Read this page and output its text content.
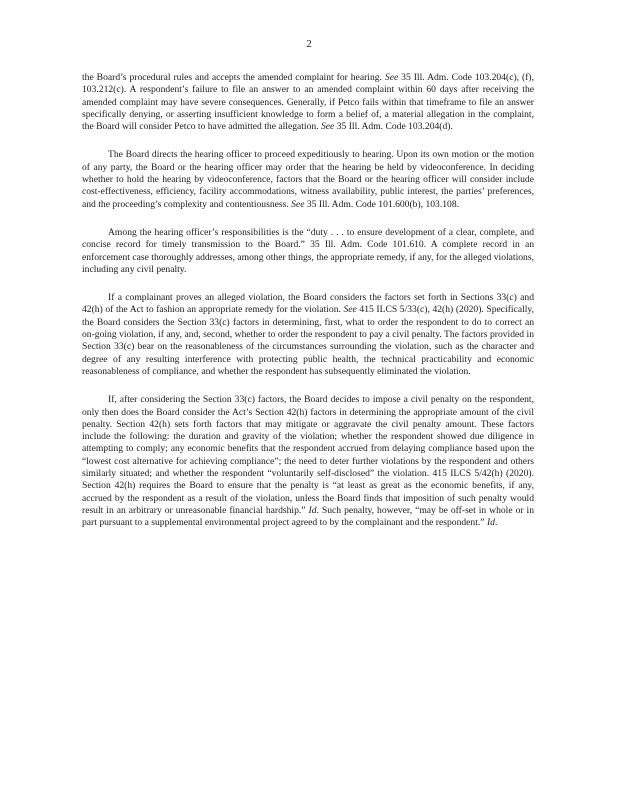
2

the Board’s procedural rules and accepts the amended complaint for hearing. See 35 Ill. Adm. Code 103.204(c), (f), 103.212(c). A respondent’s failure to file an answer to an amended complaint within 60 days after receiving the amended complaint may have severe consequences. Generally, if Petco fails within that timeframe to file an answer specifically denying, or asserting insufficient knowledge to form a belief of, a material allegation in the complaint, the Board will consider Petco to have admitted the allegation. See 35 Ill. Adm. Code 103.204(d).

The Board directs the hearing officer to proceed expeditiously to hearing. Upon its own motion or the motion of any party, the Board or the hearing officer may order that the hearing be held by videoconference. In deciding whether to hold the hearing by videoconference, factors that the Board or the hearing officer will consider include cost-effectiveness, efficiency, facility accommodations, witness availability, public interest, the parties’ preferences, and the proceeding’s complexity and contentiousness. See 35 Ill. Adm. Code 101.600(b), 103.108.

Among the hearing officer’s responsibilities is the “duty . . . to ensure development of a clear, complete, and concise record for timely transmission to the Board.” 35 Ill. Adm. Code 101.610. A complete record in an enforcement case thoroughly addresses, among other things, the appropriate remedy, if any, for the alleged violations, including any civil penalty.

If a complainant proves an alleged violation, the Board considers the factors set forth in Sections 33(c) and 42(h) of the Act to fashion an appropriate remedy for the violation. See 415 ILCS 5/33(c), 42(h) (2020). Specifically, the Board considers the Section 33(c) factors in determining, first, what to order the respondent to do to correct an on-going violation, if any, and, second, whether to order the respondent to pay a civil penalty. The factors provided in Section 33(c) bear on the reasonableness of the circumstances surrounding the violation, such as the character and degree of any resulting interference with protecting public health, the technical practicability and economic reasonableness of compliance, and whether the respondent has subsequently eliminated the violation.

If, after considering the Section 33(c) factors, the Board decides to impose a civil penalty on the respondent, only then does the Board consider the Act’s Section 42(h) factors in determining the appropriate amount of the civil penalty. Section 42(h) sets forth factors that may mitigate or aggravate the civil penalty amount. These factors include the following: the duration and gravity of the violation; whether the respondent showed due diligence in attempting to comply; any economic benefits that the respondent accrued from delaying compliance based upon the “lowest cost alternative for achieving compliance”; the need to deter further violations by the respondent and others similarly situated; and whether the respondent “voluntarily self-disclosed” the violation. 415 ILCS 5/42(h) (2020). Section 42(h) requires the Board to ensure that the penalty is “at least as great as the economic benefits, if any, accrued by the respondent as a result of the violation, unless the Board finds that imposition of such penalty would result in an arbitrary or unreasonable financial hardship.” Id. Such penalty, however, “may be off-set in whole or in part pursuant to a supplemental environmental project agreed to by the complainant and the respondent.” Id.
